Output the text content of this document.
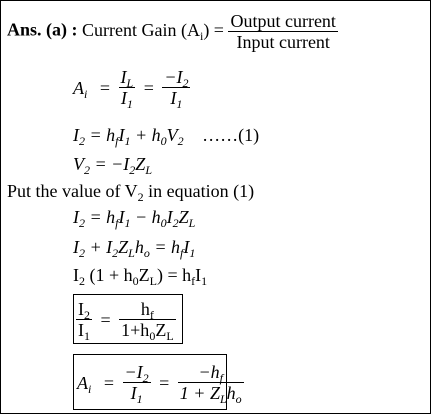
Ans. (a) : Current Gain $(A_i) = \frac{\text{Output current}}{\text{Input current}}$
$A_i = \frac{I_L}{I_1} = \frac{-I_2}{I_1}$
$I_2 = h_fI_1 + h_0V_2$ ……(1)
$V_2 = -I_2Z_L$
Put the value of $V_2$ in equation (1)
$I_2 = h_fI_1 - h_0I_2Z_L$
$I_2 + I_2Z_Lh_o = h_fI_1$
$I_2$ $(1 + h_0Z_L) = h_fI_1$
$\frac{I_2}{I_1} = \frac{h_f}{1+h_0Z_L}$
$A_i = \frac{-I_2}{I_1} = \frac{-h_f}{1 + Z_Lh_o}$
